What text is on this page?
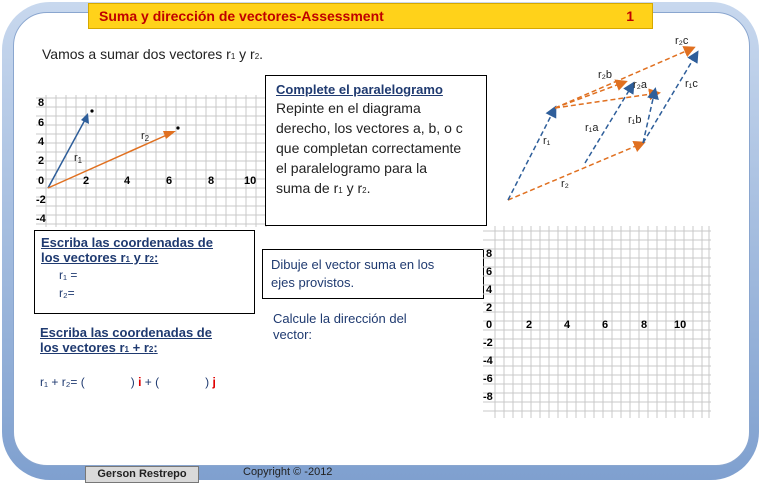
Suma y dirección de vectores-Assessment	1
Vamos a sumar dos vectores r1 y r2.
8
6
4
2
0
-2
-4
2	4	6	8	10
r1
r2
Complete el paralelogramo
Repinte en el diagrama
derecho, los vectores a, b, o c
que completan correctamente
el paralelogramo para la
suma de r1 y r2.
r₂c
r₂b
r₂a	r₁c
r₁a
r₁b
r₁
r₂
Escriba las coordenadas de
los vectores r1 y r2:
r₁ =
r₂=
Escriba las coordenadas de
los vectores r1 + r2:
r₁ + r₂= (	) i + (	) j
Dibuje el vector suma en los
ejes provistos.
Calcule la dirección del
vector:
8
6
4
2
0
-2
-4
-6
-8
2	4	6	8 10
Gerson Restrepo	Copyright © -2012
